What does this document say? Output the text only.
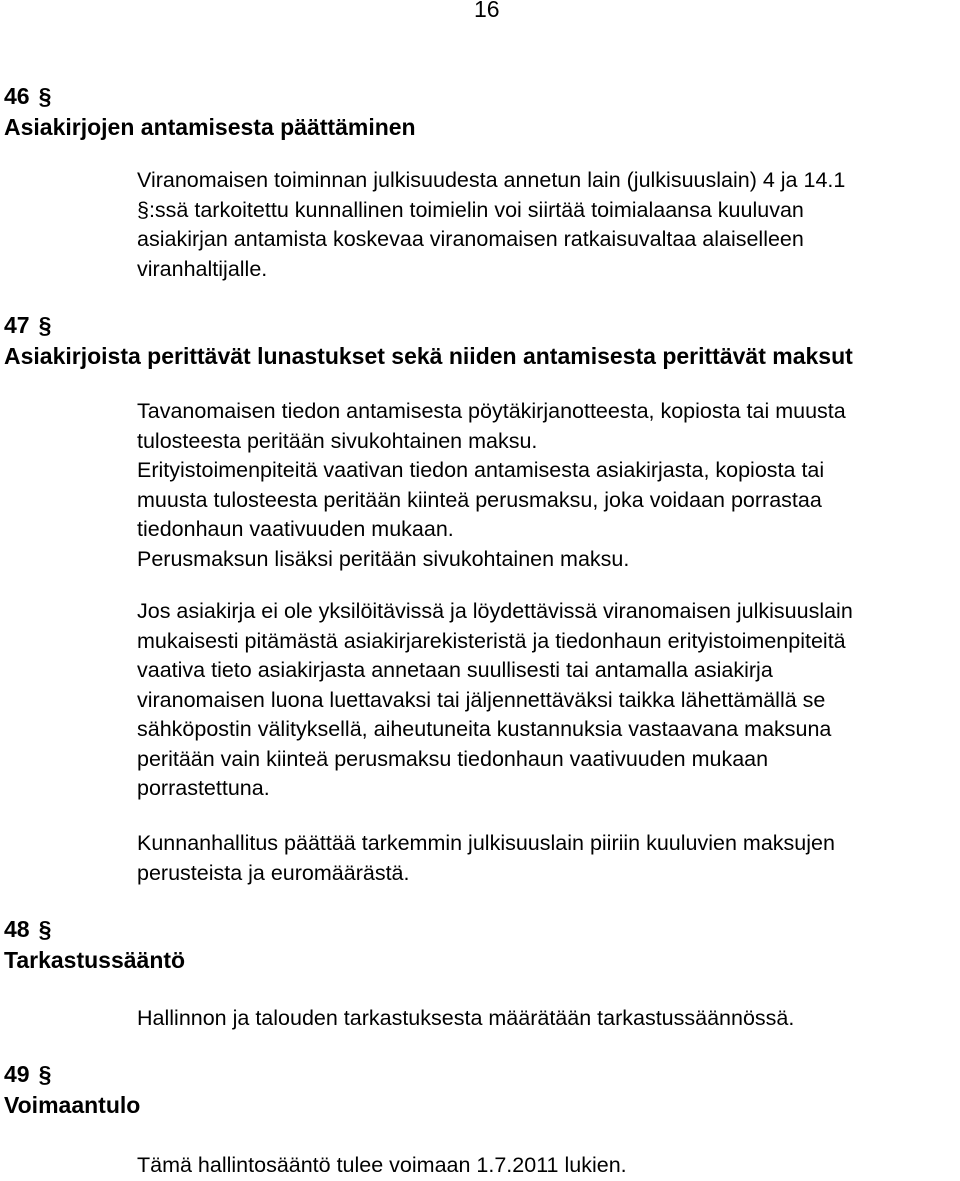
16
46 §
Asiakirjojen antamisesta päättäminen
Viranomaisen toiminnan julkisuudesta annetun lain (julkisuuslain) 4 ja 14.1
§:ssä tarkoitettu kunnallinen toimielin voi siirtää toimialaansa kuuluvan
asiakirjan antamista koskevaa viranomaisen ratkaisuvaltaa alaiselleen
viranhaltijalle.
47 §
Asiakirjoista perittävät lunastukset sekä niiden antamisesta perittävät maksut
Tavanomaisen tiedon antamisesta pöytäkirjanotteesta, kopiosta tai muusta
tulosteesta peritään sivukohtainen maksu.
Erityistoimenpiteitä vaativan tiedon antamisesta asiakirjasta, kopiosta tai
muusta tulosteesta peritään kiinteä perusmaksu, joka voidaan porrastaa
tiedonhaun vaativuuden mukaan.
Perusmaksun lisäksi peritään sivukohtainen maksu.
Jos asiakirja ei ole yksilöitävissä ja löydettävissä viranomaisen julkisuuslain
mukaisesti pitämästä asiakirjarekisteristä ja tiedonhaun erityistoimenpiteitä
vaativa tieto asiakirjasta annetaan suullisesti tai antamalla asiakirja
viranomaisen luona luettavaksi tai jäljennettäväksi taikka lähettämällä se
sähköpostin välityksellä, aiheutuneita kustannuksia vastaavana maksuna
peritään vain kiinteä perusmaksu tiedonhaun vaativuuden mukaan
porrastettuna.
Kunnanhallitus päättää tarkemmin julkisuuslain piiriin kuuluvien maksujen
perusteista ja euromäärästä.
48 §
Tarkastussääntö
Hallinnon ja talouden tarkastuksesta määrätään tarkastussäännössä.
49 §
Voimaantulo
Tämä hallintosääntö tulee voimaan 1.7.2011 lukien.
